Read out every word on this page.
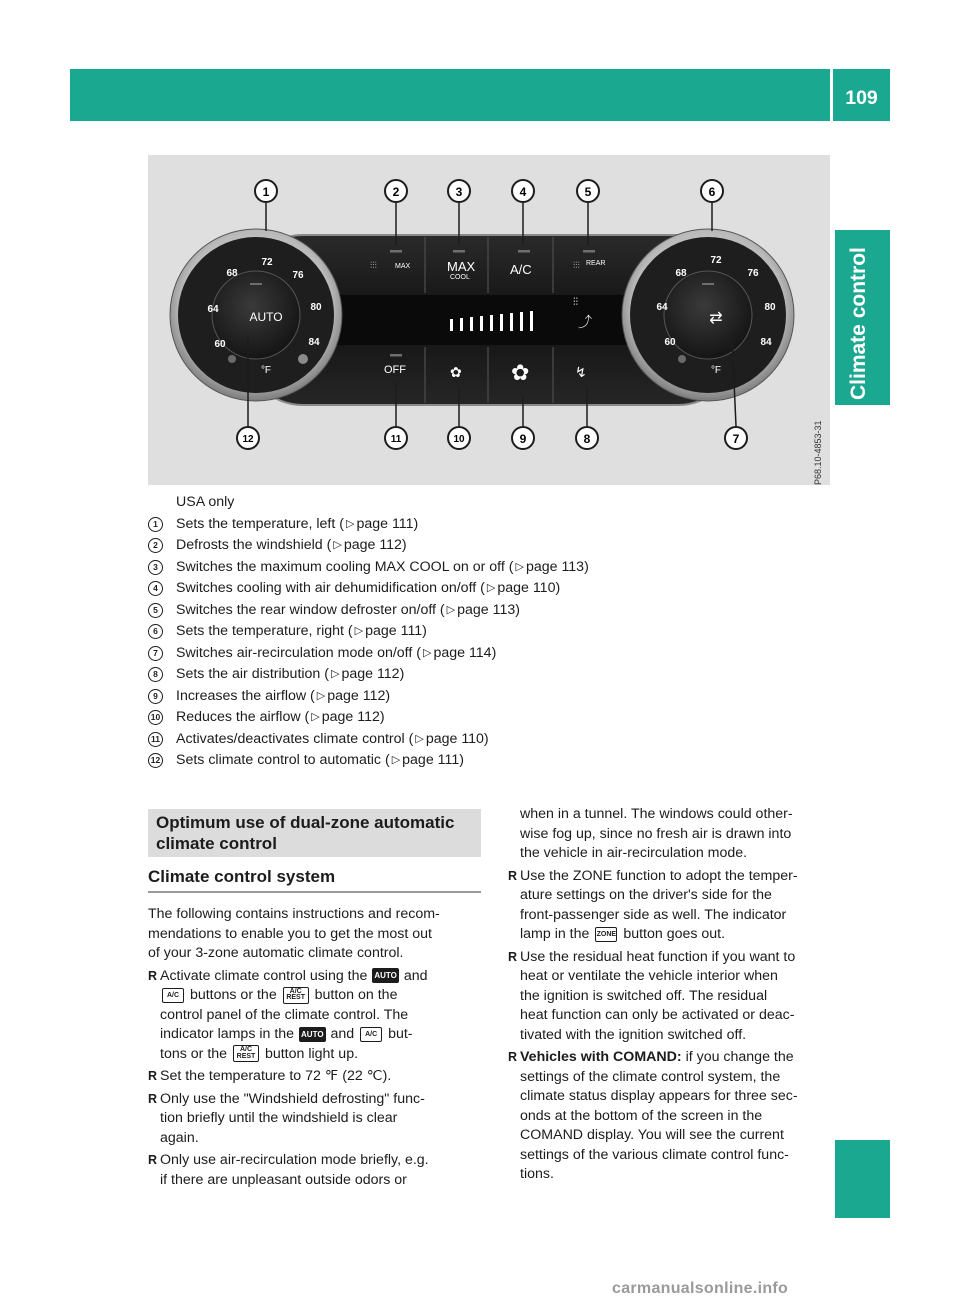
Overview of climate control systems
109
Climate control
⫶⫶⫶	MAX	MAX
COOL
A/C	⫶⫶⫶ REAR
OFF	✿ ✿	↯
⫶⫶
⤴
72
76
80
84
68
64
60
AUTO
°F
72
76
80
84
68
64
60
⇄
°F
1	2	3	4	5	6
7
8
9
10
11
12	P68.10-4853-31
USA only
1	Sets the temperature, left ( ▷ page 111)
2	Defrosts the windshield ( ▷ page 112)
3	Switches the maximum cooling MAX COOL on or off ( ▷ page 113)
4	Switches cooling with air dehumidification on/off ( ▷ page 110)
5	Switches the rear window defroster on/off ( ▷ page 113)
6	Sets the temperature, right ( ▷ page 111)
7	Switches air-recirculation mode on/off ( ▷ page 114)
8	Sets the air distribution ( ▷ page 112)
9	Increases the airflow ( ▷ page 112)
10 Reduces the airflow ( ▷ page 112)
11 Activates/deactivates climate control ( ▷ page 110)
12 Sets climate control to automatic ( ▷ page 111)
Optimum use of dual-zone automatic climate control
Climate control system

The following contains instructions and recom-
mendations to enable you to get the most out
of your 3-zone automatic climate control.

R Activate climate control using the AUTO and
A/C buttons or the A/C
REST button on the
control panel of the climate control. The
indicator lamps in the AUTO and A/C but-
tons or the A/C
REST button light up.
R Set the temperature to 72 ℉ (22 ℃).
R Only use the "Windshield defrosting" func-
tion briefly until the windshield is clear
again.
R Only use air-recirculation mode briefly, e.g.
if there are unpleasant outside odors or

when in a tunnel. The windows could other-
wise fog up, since no fresh air is drawn into
the vehicle in air-recirculation mode.

R Use the ZONE function to adopt the temper-
ature settings on the driver's side for the
front-passenger side as well. The indicator
lamp in the ZONE button goes out.
R Use the residual heat function if you want to
heat or ventilate the vehicle interior when
the ignition is switched off. The residual
heat function can only be activated or deac-
tivated with the ignition switched off.
R Vehicles with COMAND: if you change the
settings of the climate control system, the
climate status display appears for three sec-
onds at the bottom of the screen in the
COMAND display. You will see the current
settings of the various climate control func-
tions.
carmanualsonline.info
